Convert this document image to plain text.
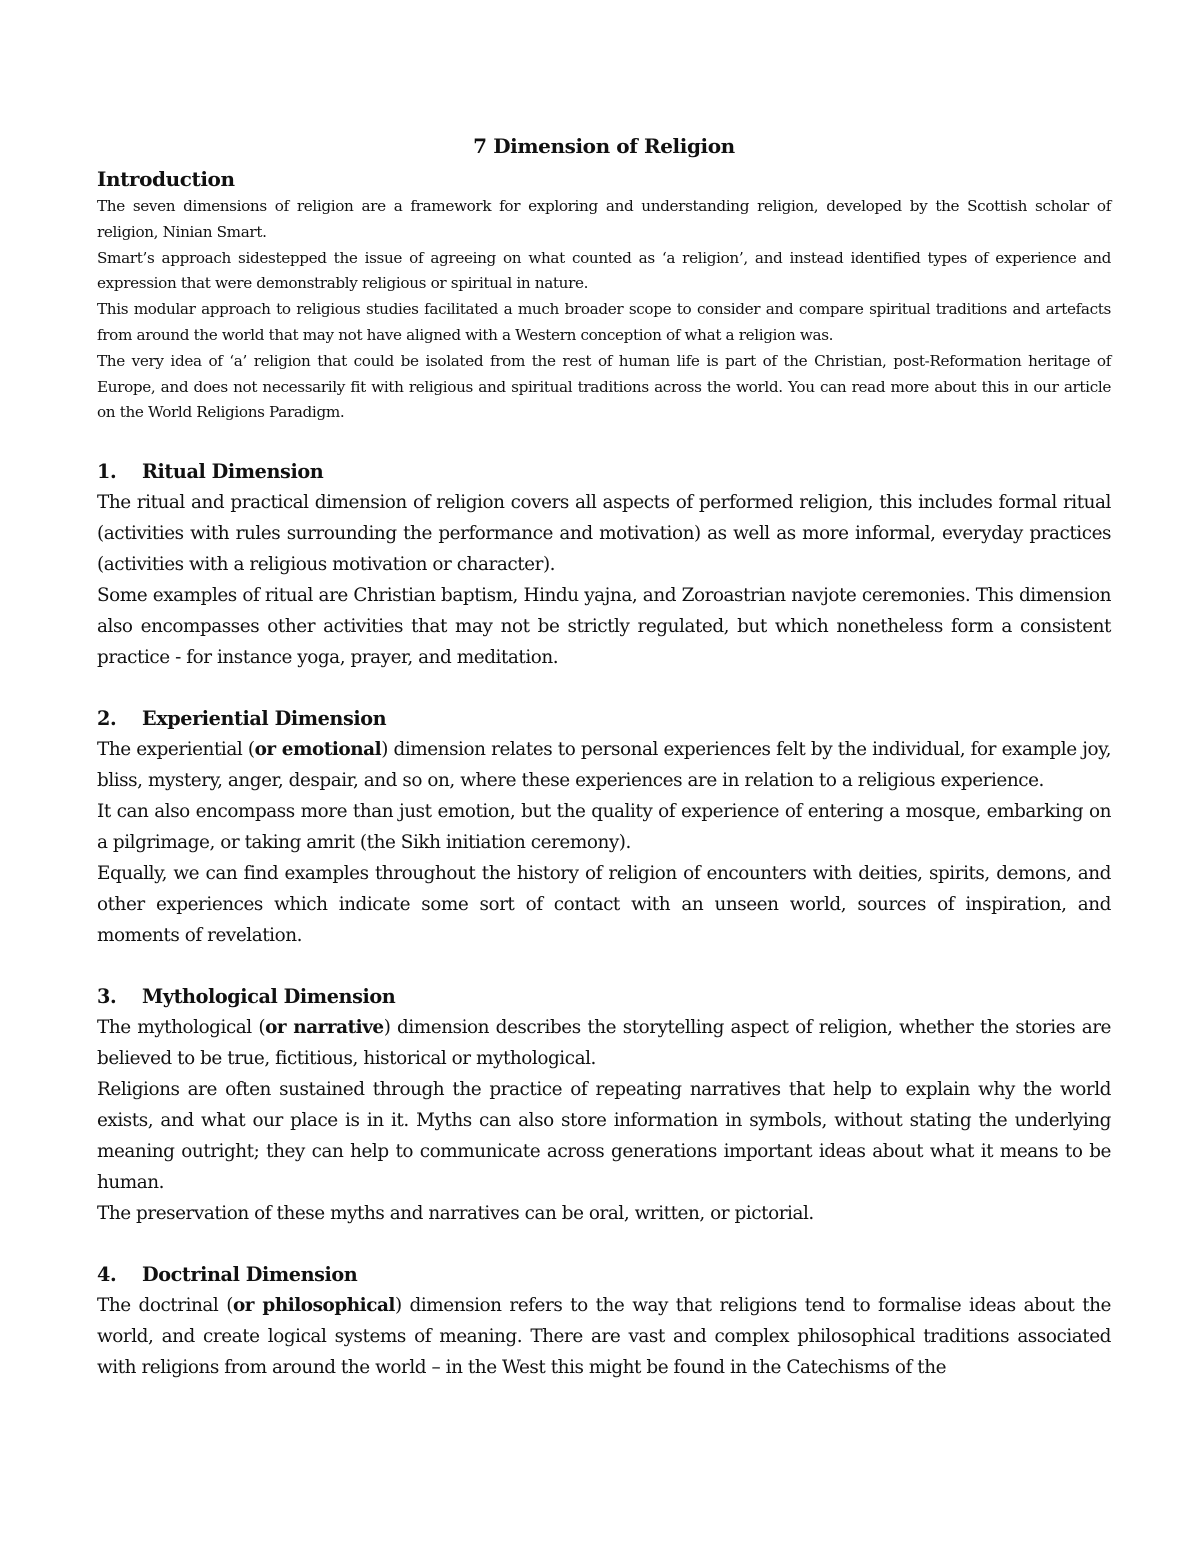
7 Dimension of Religion
Introduction

The seven dimensions of religion are a framework for exploring and understanding religion, developed by the Scottish scholar of religion, Ninian Smart.

Smart’s approach sidestepped the issue of agreeing on what counted as ‘a religion’, and instead identified types of experience and expression that were demonstrably religious or spiritual in nature.

This modular approach to religious studies facilitated a much broader scope to consider and compare spiritual traditions and artefacts from around the world that may not have aligned with a Western conception of what a religion was.

The very idea of ‘a’ religion that could be isolated from the rest of human life is part of the Christian, post-Reformation heritage of Europe, and does not necessarily fit with religious and spiritual traditions across the world. You can read more about this in our article on the World Religions Paradigm.

1.	Ritual Dimension

The ritual and practical dimension of religion covers all aspects of performed religion, this includes formal ritual (activities with rules surrounding the performance and motivation) as well as more informal, everyday practices (activities with a religious motivation or character).

Some examples of ritual are Christian baptism, Hindu yajna, and Zoroastrian navjote ceremonies. This dimension also encompasses other activities that may not be strictly regulated, but which nonetheless form a consistent practice - for instance yoga, prayer, and meditation.

2.	Experiential Dimension

The experiential (or emotional) dimension relates to personal experiences felt by the individual, for example joy, bliss, mystery, anger, despair, and so on, where these experiences are in relation to a religious experience.

It can also encompass more than just emotion, but the quality of experience of entering a mosque, embarking on a pilgrimage, or taking amrit (the Sikh initiation ceremony).

Equally, we can find examples throughout the history of religion of encounters with deities, spirits, demons, and other experiences which indicate some sort of contact with an unseen world, sources of inspiration, and moments of revelation.

3.	Mythological Dimension

The mythological (or narrative) dimension describes the storytelling aspect of religion, whether the stories are believed to be true, fictitious, historical or mythological.

Religions are often sustained through the practice of repeating narratives that help to explain why the world exists, and what our place is in it. Myths can also store information in symbols, without stating the underlying meaning outright; they can help to communicate across generations important ideas about what it means to be human.

The preservation of these myths and narratives can be oral, written, or pictorial.

4.	Doctrinal Dimension

The doctrinal (or philosophical) dimension refers to the way that religions tend to formalise ideas about the world, and create logical systems of meaning. There are vast and complex philosophical traditions associated with religions from around the world – in the West this might be found in the Catechisms of the
